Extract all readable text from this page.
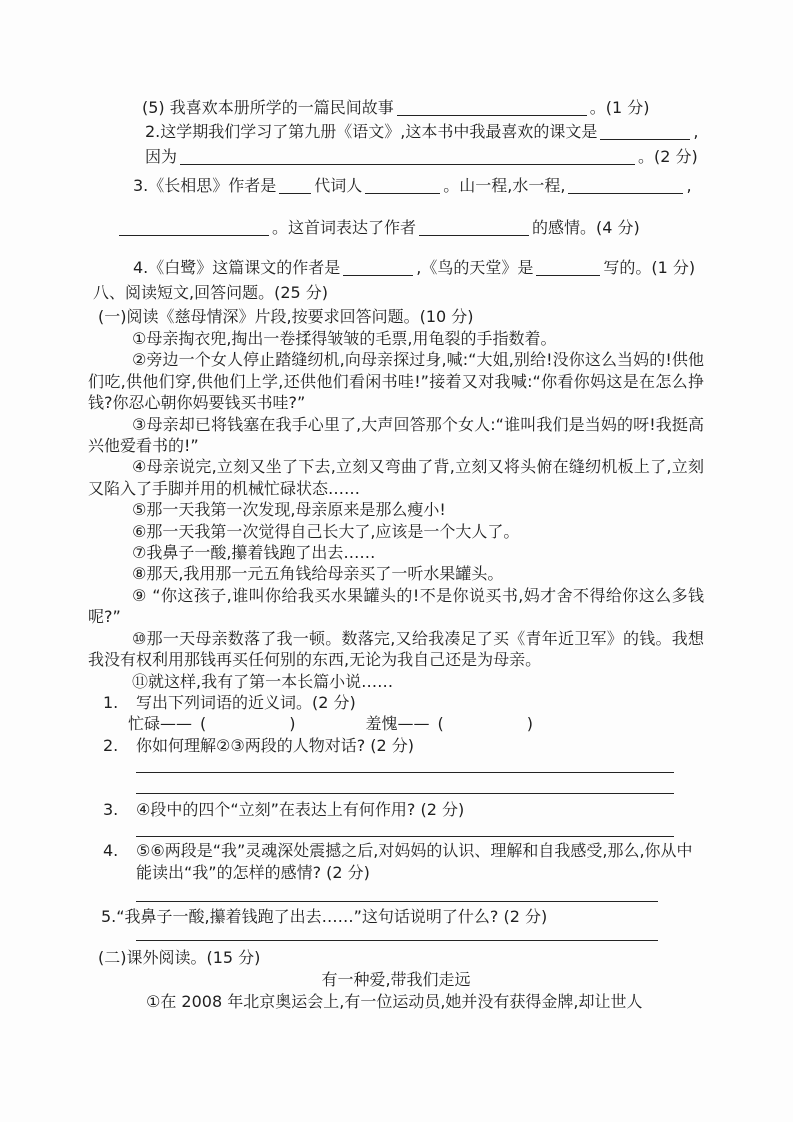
(5) 我喜欢本册所学的一篇民间故事	。(1 分)
2.这学期我们学习了第九册《语文》,这本书中我最喜欢的课文是	,
因为	。(2 分)
3.《长相思》作者是 代词人	。山一程,水一程,	,
。这首词表达了作者	的感情。(4 分)
4.《白鹭》这篇课文的作者是	,《鸟的天堂》是	写的。(1 分)
八、阅读短文,回答问题。(25 分)
(一)阅读《慈母情深》片段,按要求回答问题。(10 分)

①母亲掏衣兜,掏出一卷揉得皱皱的毛票,用龟裂的手指数着。

②旁边一个女人停止踏缝纫机,向母亲探过身,喊:“大姐,别给!没你这么当妈的!供他们吃,供他们穿,供他们上学,还供他们看闲书哇!”接着又对我喊:“你看你妈这是在怎么挣钱?你忍心朝你妈要钱买书哇?”

③母亲却已将钱塞在我手心里了,大声回答那个女人:“谁叫我们是当妈的呀!我挺高兴他爱看书的!”

④母亲说完,立刻又坐了下去,立刻又弯曲了背,立刻又将头俯在缝纫机板上了,立刻又陷入了手脚并用的机械忙碌状态……

⑤那一天我第一次发现,母亲原来是那么瘦小!

⑥那一天我第一次觉得自己长大了,应该是一个大人了。

⑦我鼻子一酸,攥着钱跑了出去……

⑧那天,我用那一元五角钱给母亲买了一听水果罐头。

⑨ “你这孩子,谁叫你给我买水果罐头的!不是你说买书,妈才舍不得给你这么多钱呢?”

⑩那一天母亲数落了我一顿。数落完,又给我凑足了买《青年近卫军》的钱。我想我没有权利用那钱再买任何别的东西,无论为我自己还是为母亲。

⑪就这样,我有了第一本长篇小说……

1.	写出下列词语的近义词。(2 分)
忙碌—— (	)	羞愧—— (	)
2.	你如何理解②③两段的人物对话? (2 分)
3.	④段中的四个“立刻”在表达上有何作用? (2 分)
4.	⑤⑥两段是“我”灵魂深处震撼之后,对妈妈的认识、理解和自我感受,那么,你从中能读出“我”的怎样的感情? (2 分)
5.“我鼻子一酸,攥着钱跑了出去……”这句话说明了什么? (2 分)
(二)课外阅读。(15 分)
有一种爱,带我们走远

①在 2008 年北京奥运会上,有一位运动员,她并没有获得金牌,却让世人
